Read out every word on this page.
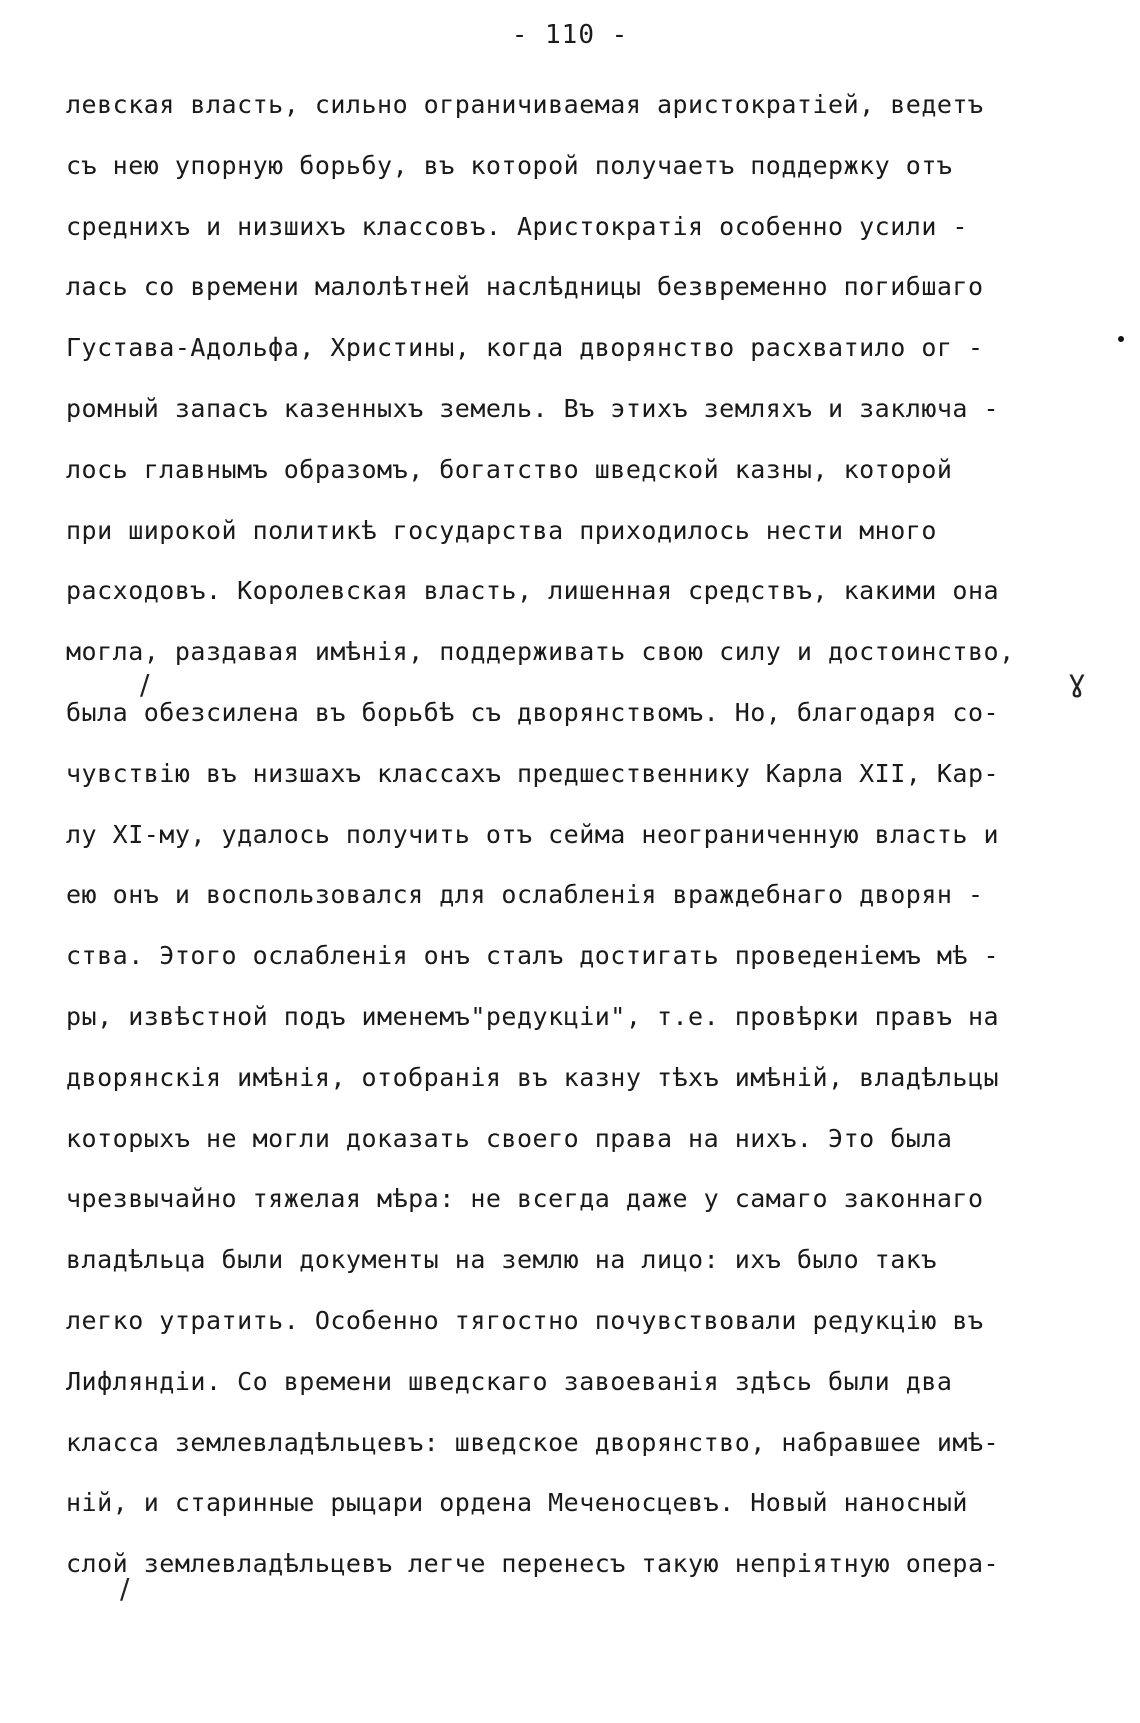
- 110 -
левская власть, сильно ограничиваемая аристократiей, ведетъ
съ нею упорную борьбу, въ которой получаетъ поддержку отъ
среднихъ и низшихъ классовъ. Аристократiя особенно усили -
лась со времени малолѣтней наслѣдницы безвременно погибшаго
Густава-Адольфа, Христины, когда дворянство расхватило ог -
ромный запасъ казенныхъ земель. Въ этихъ земляхъ и заключа -
лось главнымъ образомъ, богатство шведской казны, которой
при широкой политикѣ государства приходилось нести много
расходовъ. Королевская власть, лишенная средствъ, какими она
могла, раздавая имѣнiя, поддерживать свою силу и достоинство,
была обезсилена въ борьбѣ съ дворянствомъ. Но, благодаря со-
чувствiю въ низшахъ классахъ предшественнику Карла XII, Кар-
лу XI-му, удалось получить отъ сейма неограниченную власть и
ею онъ и воспользовался для ослабленiя враждебнаго дворян -
ства. Этого ослабленiя онъ сталъ достигать проведенiемъ мѣ -
ры, извѣстной подъ именемъ"редукцiи", т.е. провѣрки правъ на
дворянскiя имѣнiя, отобранiя въ казну тѣхъ имѣнiй, владѣльцы
которыхъ не могли доказать своего права на нихъ. Это была
чрезвычайно тяжелая мѣра: не всегда даже у самаго законнаго
владѣльца были документы на землю на лицо: ихъ было такъ
легко утратить. Особенно тягостно почувствовали редукцiю въ
Лифляндiи. Со времени шведскаго завоеванiя здѣсь были два
класса землевладѣльцевъ: шведское дворянство, набравшее имѣ-
нiй, и старинные рыцари ордена Меченосцевъ. Новый наносный
слой землевладѣльцевъ легче перенесъ такую непрiятную опера-
/	ɣ
/
